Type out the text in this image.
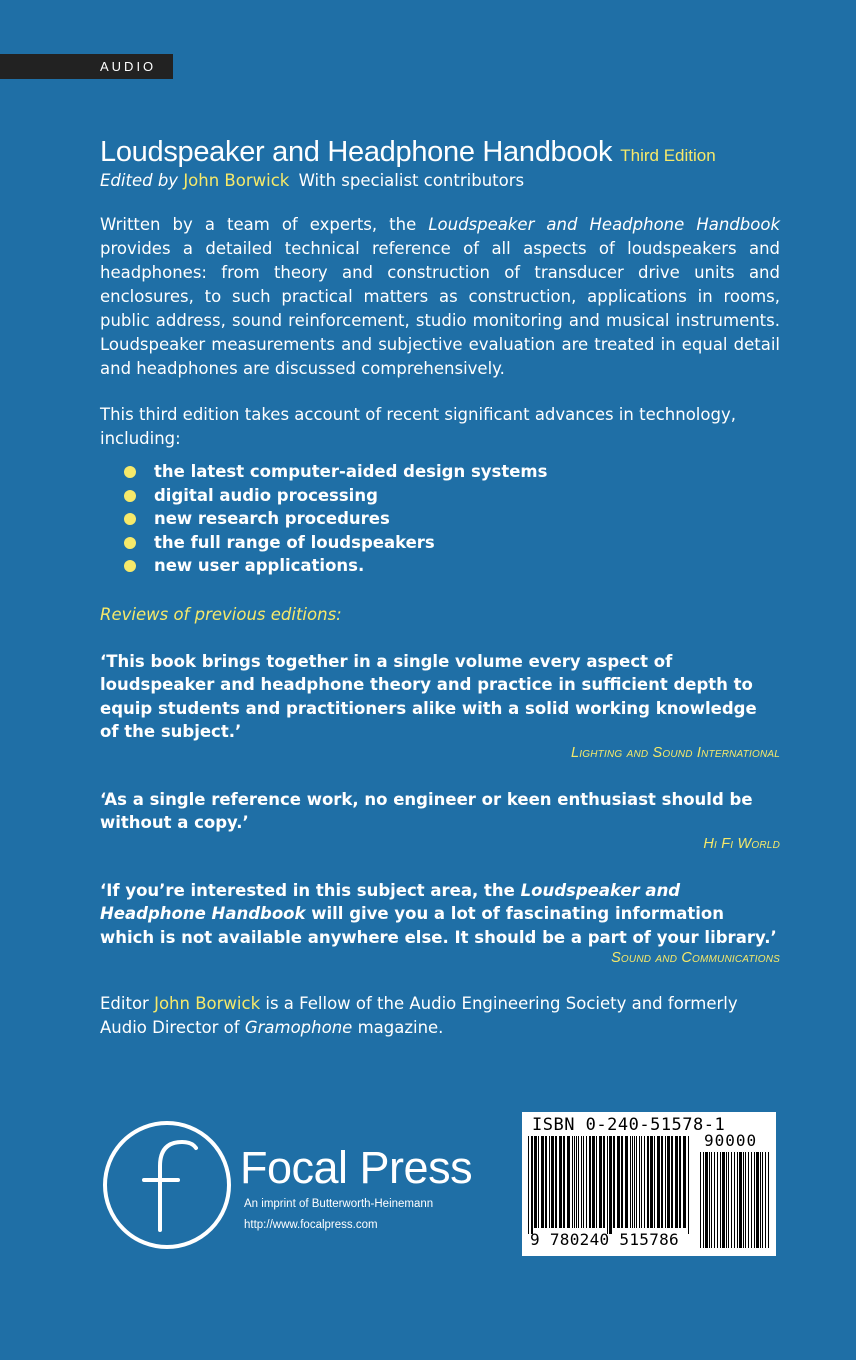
AUDIO
Loudspeaker and Headphone Handbook Third Edition
Edited by John Borwick With specialist contributors
Written by a team of experts, the Loudspeaker and Headphone Handbook provides a detailed technical reference of all aspects of loudspeakers and headphones: from theory and construction of transducer drive units and enclosures, to such practical matters as construction, applications in rooms, public address, sound reinforcement, studio monitoring and musical instruments. Loudspeaker measurements and subjective evaluation are treated in equal detail and headphones are discussed comprehensively.
This third edition takes account of recent significant advances in technology, including:
the latest computer-aided design systems
digital audio processing
new research procedures
the full range of loudspeakers
new user applications.
Reviews of previous editions:
‘This book brings together in a single volume every aspect of loudspeaker and headphone theory and practice in sufficient depth to equip students and practitioners alike with a solid working knowledge of the subject.’
Lighting and Sound International
‘As a single reference work, no engineer or keen enthusiast should be without a copy.’
Hi Fi World
‘If you’re interested in this subject area, the Loudspeaker and Headphone Handbook will give you a lot of fascinating information which is not available anywhere else. It should be a part of your library.’
Sound and Communications
Editor John Borwick is a Fellow of the Audio Engineering Society and formerly Audio Director of Gramophone magazine.
Focal Press
An imprint of Butterworth-Heinemann
http://www.focalpress.com
ISBN 0-240-51578-1
90000
9 780240 515786
